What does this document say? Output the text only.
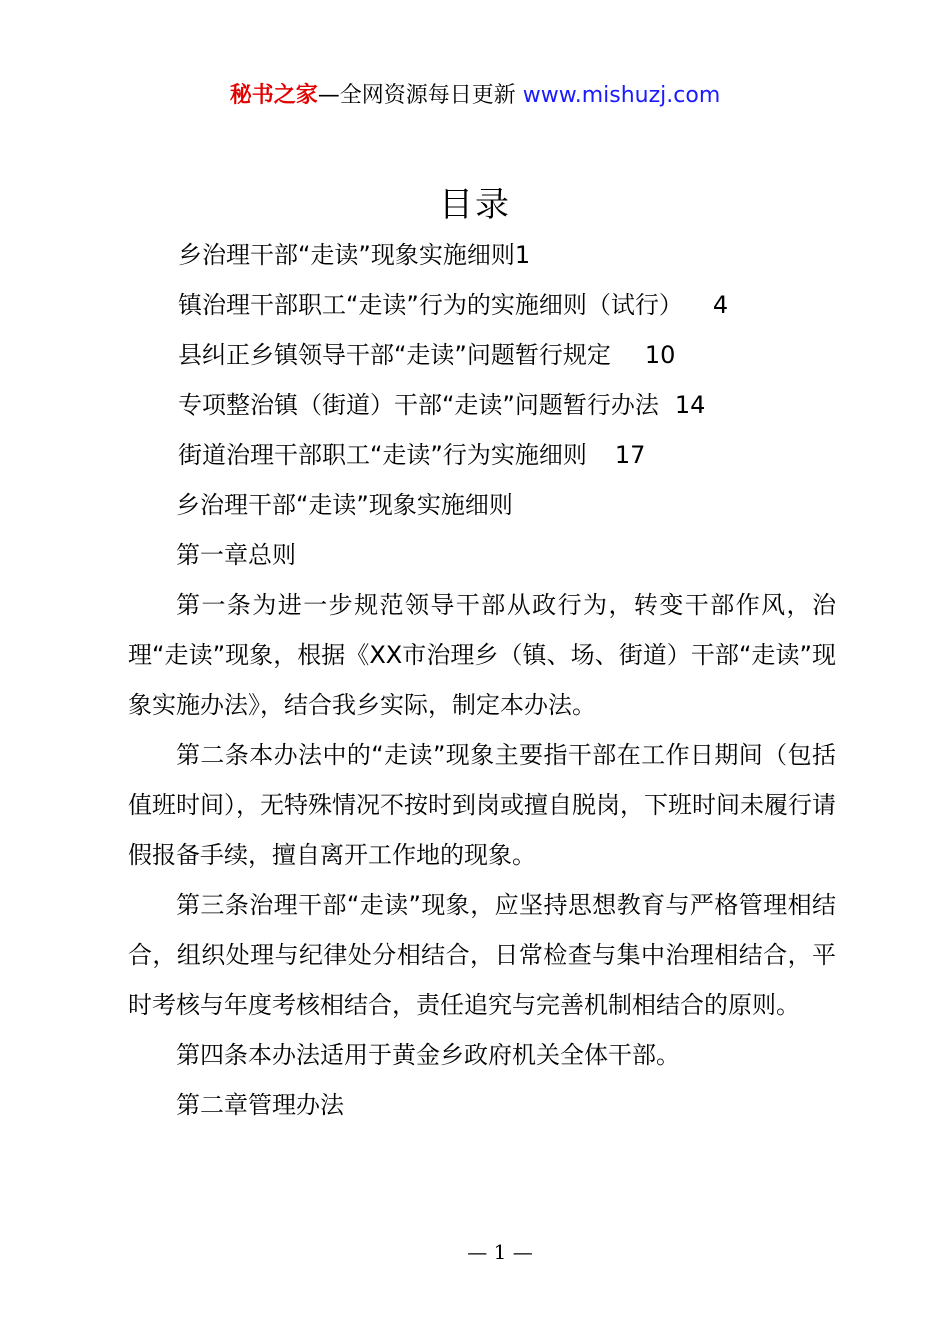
秘书之家—全网资源每日更新 www.mishuzj.com
目录
乡治理干部“走读”现象实施细则1
镇治理干部职工“走读”行为的实施细则（试行） 4
县纠正乡镇领导干部“走读”问题暂行规定 10
专项整治镇（街道）干部“走读”问题暂行办法 14
街道治理干部职工“走读”行为实施细则 17

乡治理干部“走读”现象实施细则

第一章总则

第一条为进一步规范领导干部从政行为，转变干部作风，治理“走读”现象，根据《XX市治理乡（镇、场、街道）干部“走读”现象实施办法》，结合我乡实际，制定本办法。

第二条本办法中的“走读”现象主要指干部在工作日期间（包括值班时间），无特殊情况不按时到岗或擅自脱岗，下班时间未履行请假报备手续，擅自离开工作地的现象。

第三条治理干部“走读”现象，应坚持思想教育与严格管理相结合，组织处理与纪律处分相结合，日常检查与集中治理相结合，平时考核与年度考核相结合，责任追究与完善机制相结合的原则。

第四条本办法适用于黄金乡政府机关全体干部。

第二章管理办法

— 1 —
